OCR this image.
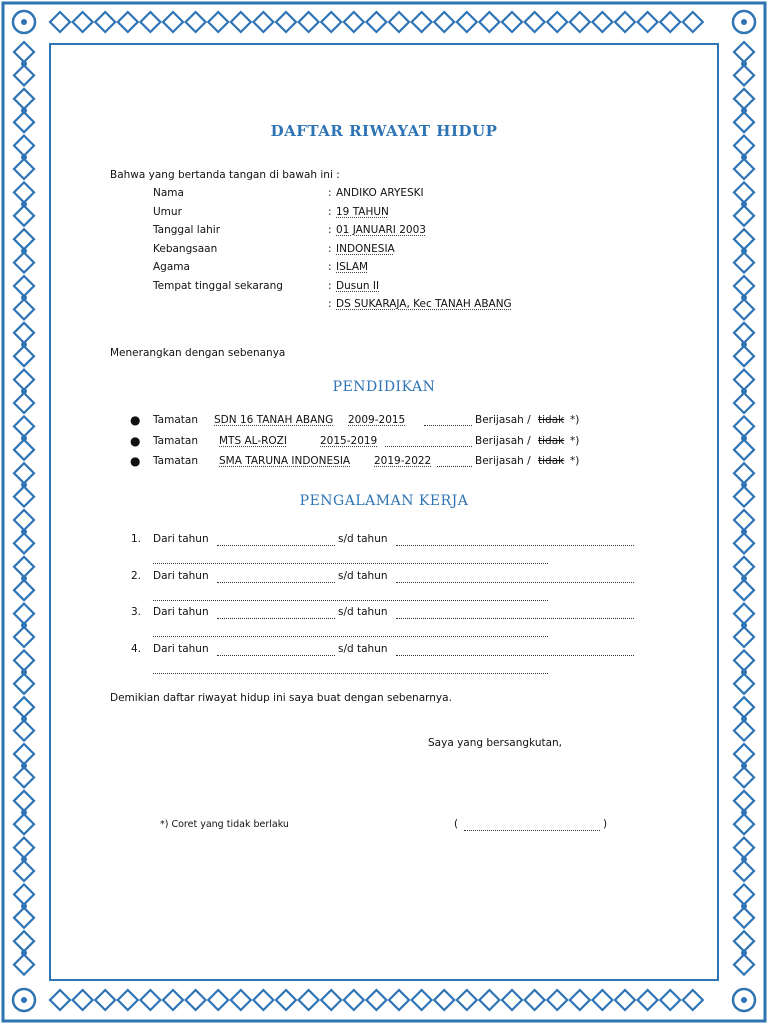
DAFTAR RIWAYAT HIDUP
Bahwa yang bertanda tangan di bawah ini :
Nama	: ANDIKO ARYESKI
Umur	: 19 TAHUN
Tanggal lahir	: 01 JANUARI 2003
Kebangsaan	: INDONESIA
Agama	: ISLAM
Tempat tinggal sekarang	: Dusun II
: DS SUKARAJA, Kec TANAH ABANG
Menerangkan dengan sebenanya
PENDIDIKAN
● Tamatan SDN 16 TANAH ABANG 2009-2015	Berijasah / tidak *)
● Tamatan MTS AL-ROZI	2015-2019	Berijasah / tidak *)
● Tamatan SMA TARUNA INDONESIA 2019-2022	Berijasah / tidak *)
PENGALAMAN KERJA
1. Dari tahun	s/d tahun
2. Dari tahun	s/d tahun
3. Dari tahun	s/d tahun
4. Dari tahun	s/d tahun
Demikian daftar riwayat hidup ini saya buat dengan sebenarnya.
Saya yang bersangkutan,
*) Coret yang tidak berlaku	(	)
